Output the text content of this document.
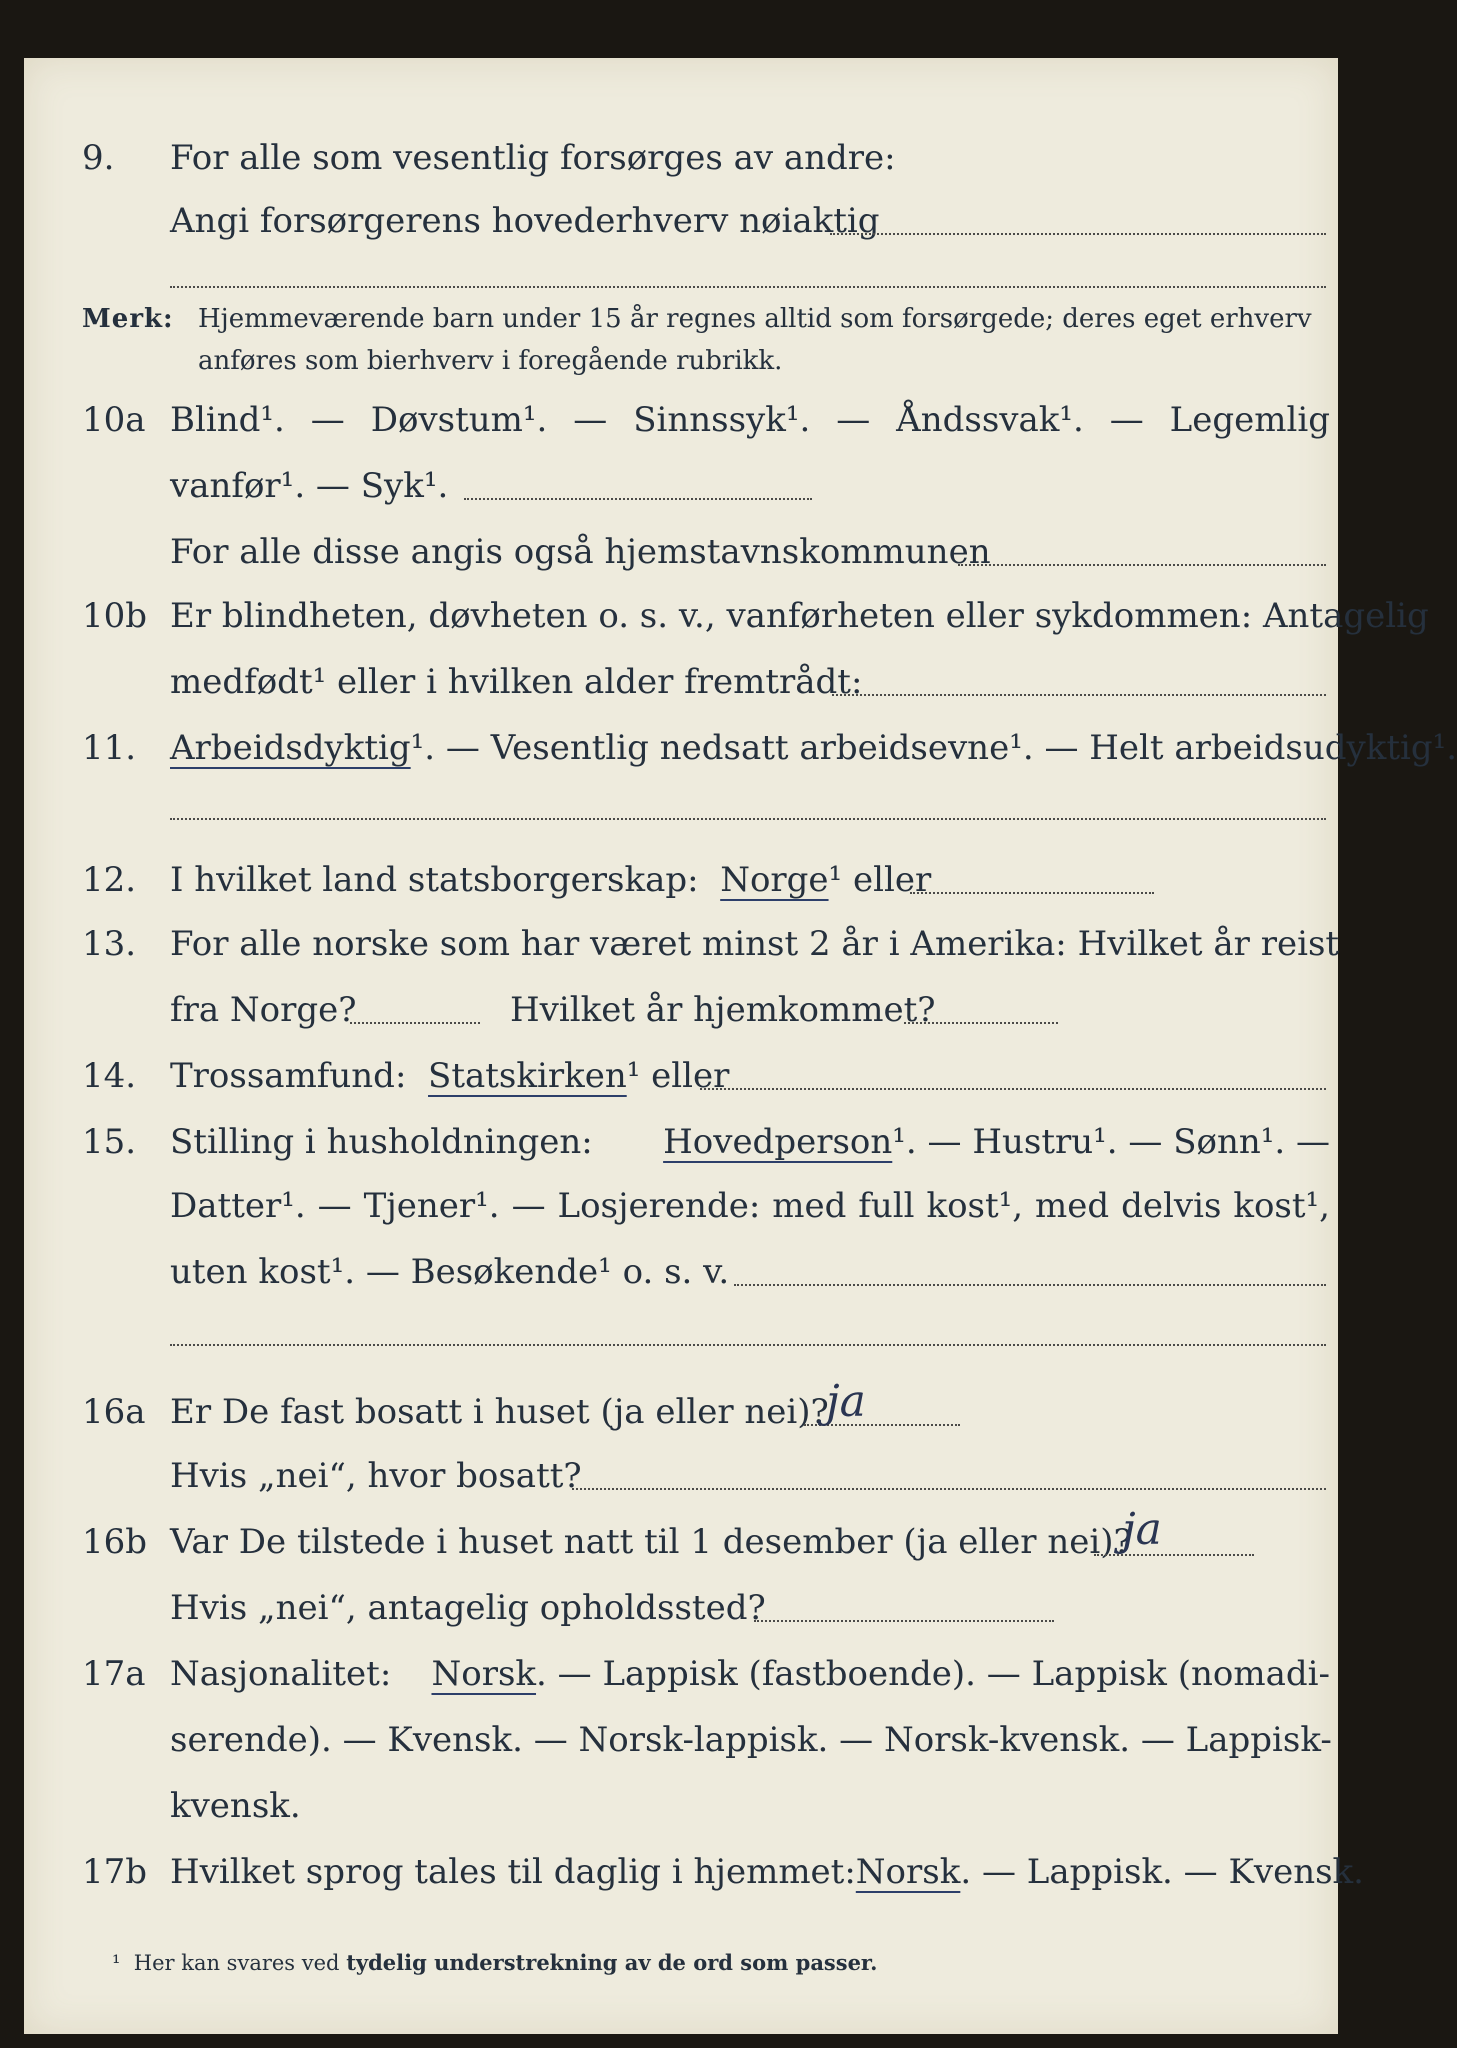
9. For alle som vesentlig forsørges av andre:
Angi forsørgerens hovederhverv nøiaktig
Merk: Hjemmeværende barn under 15 år regnes alltid som forsørgede; deres eget erhverv
anføres som bierhverv i foregående rubrikk.
10a Blind¹. — Døvstum¹. — Sinnssyk¹. — Åndssvak¹. — Legemlig
vanfør¹. — Syk¹.
For alle disse angis også hjemstavnskommunen
10b Er blindheten, døvheten o. s. v., vanførheten eller sykdommen: Antagelig
medfødt¹ eller i hvilken alder fremtrådt:
11. Arbeidsdyktig ¹. — Vesentlig nedsatt arbeidsevne¹. — Helt arbeidsudyktig¹.
12. I hvilket land statsborgerskap:
Norge ¹ eller
13. For alle norske som har været minst 2 år i Amerika: Hvilket år reist
fra Norge?	Hvilket år hjemkommet?
14. Trossamfund:
Statskirken ¹ eller
15. Stilling i husholdningen: Hovedperson ¹. — Hustru¹. — Sønn¹. —
Datter¹. — Tjener¹. — Losjerende: med full kost¹, med delvis kost¹,
uten kost¹. — Besøkende¹ o. s. v.
16a Er De fast bosatt i huset (ja eller nei)?
ja
Hvis „nei“, hvor bosatt?
16b Var De tilstede i huset natt til 1 desember (ja eller nei)?
ja
Hvis „nei“, antagelig opholdssted?
17a Nasjonalitet: Norsk . — Lappisk (fastboende). — Lappisk (nomadi-
serende). — Kvensk. — Norsk-lappisk. — Norsk-kvensk. — Lappisk-
kvensk.
17b Hvilket sprog tales til daglig i hjemmet: Norsk . — Lappisk. — Kvensk.
¹ Her kan svares ved tydelig understrekning av de ord som passer.
